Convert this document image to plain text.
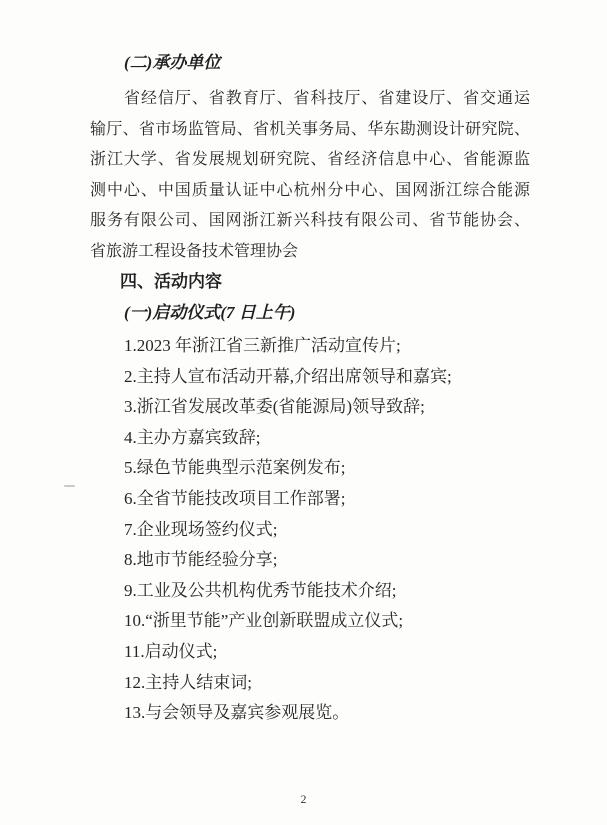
(二)承办单位
省经信厅、省教育厅、省科技厅、省建设厅、省交通运
输厅、省市场监管局、省机关事务局、华东勘测设计研究院、
浙江大学、省发展规划研究院、省经济信息中心、省能源监
测中心、中国质量认证中心杭州分中心、国网浙江综合能源
服务有限公司、国网浙江新兴科技有限公司、省节能协会、
省旅游工程设备技术管理协会
四、活动内容
(一)启动仪式(7 日上午)
1.2023 年浙江省三新推广活动宣传片;
2.主持人宣布活动开幕,介绍出席领导和嘉宾;
3.浙江省发展改革委(省能源局)领导致辞;
4.主办方嘉宾致辞;
5.绿色节能典型示范案例发布;
6.全省节能技改项目工作部署;
7.企业现场签约仪式;
8.地市节能经验分享;
9.工业及公共机构优秀节能技术介绍;
10.“浙里节能”产业创新联盟成立仪式;
11.启动仪式;
12.主持人结束词;
13.与会领导及嘉宾参观展览。
2
